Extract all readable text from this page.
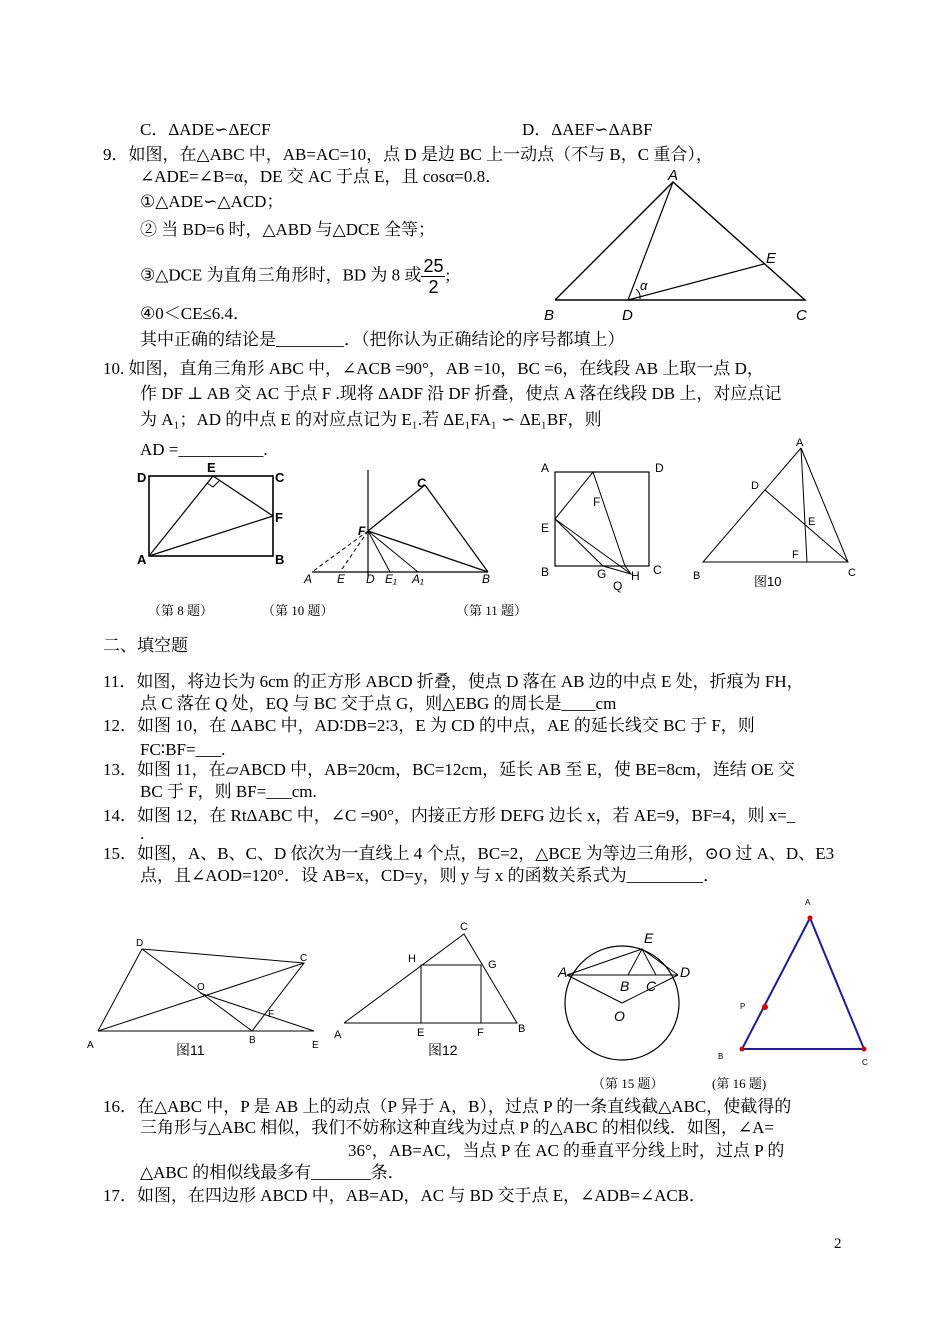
C．ΔADE∽ΔECF	D．ΔAEF∽ΔABF
9．如图，在△ABC 中，AB=AC=10，点 D 是边 BC 上一动点（不与 B，C 重合），
∠ADE=∠B=α，DE 交 AC 于点 E，且 cosα=0.8．
①△ADE∽△ACD；
② 当 BD=6 时，△ABD 与△DCE 全等；
③△DCE 为直角三角形时，BD 为 8 或 $\frac{25}{2}$ ;
④0＜CE≤6.4．
其中正确的结论是________．（把你认为正确结论的序号都填上）
A
B	D	C
E
α
10. 如图，直角三角形 ABC 中，∠ACB =90°，AB =10，BC =6，在线段 AB 上取一点 D，
作 DF ⊥ AB 交 AC 于点 F .现将 ΔADF 沿 DF 折叠，使点 A 落在线段 DB 上，对应点记
为 A₁；AD 的中点 E 的对应点记为 E₁.若 ΔE₁FA₁ ∽ ΔE₁BF，则
AD =__________.
D
E
C
F
A	B
C
F
A E D E₁ A₁	B
A	D
F
E
B	G H C
Q
A
D
E
F
B	C
（第 8 题）	（第 10 题）	（第 11 题）
图10
二、填空题
11．如图，将边长为 6cm 的正方形 ABCD 折叠，使点 D 落在 AB 边的中点 E 处，折痕为 FH，
点 C 落在 Q 处，EQ 与 BC 交于点 G，则△EBG 的周长是____cm
12．如图 10，在 ΔABC 中，AD∶DB=2∶3，E 为 CD 的中点，AE 的延长线交 BC 于 F，则
FC∶BF=___.
13．如图 11，在▱ABCD 中，AB=20cm，BC=12cm，延长 AB 至 E，使 BE=8cm，连结 OE 交
BC 于 F，则 BF=___cm.
14．如图 12，在 RtΔABC 中，∠C =90°，内接正方形 DEFG 边长 x，若 AE=9，BF=4，则 x=_
.
15．如图，A、B、C、D 依次为一直线上 4 个点，BC=2，△BCE 为等边三角形，⊙O 过 A、D、E3
点，且∠AOD=120°．设 AB=x，CD=y，则 y 与 x 的函数关系式为_________．
D
C
O
F
A	B	E
图11
C
H	G
A	E	F	B
图12
E
A	D
B C
O
A
P
B
C
（第 15 题）	(第 16 题)
16．在△ABC 中，P 是 AB 上的动点（P 异于 A，B），过点 P 的一条直线截△ABC，使截得的
三角形与△ABC 相似，我们不妨称这种直线为过点 P 的△ABC 的相似线．如图，∠A=
36°，AB=AC，当点 P 在 AC 的垂直平分线上时，过点 P 的
△ABC 的相似线最多有_______条．
17．如图，在四边形 ABCD 中，AB=AD，AC 与 BD 交于点 E，∠ADB=∠ACB．
2
